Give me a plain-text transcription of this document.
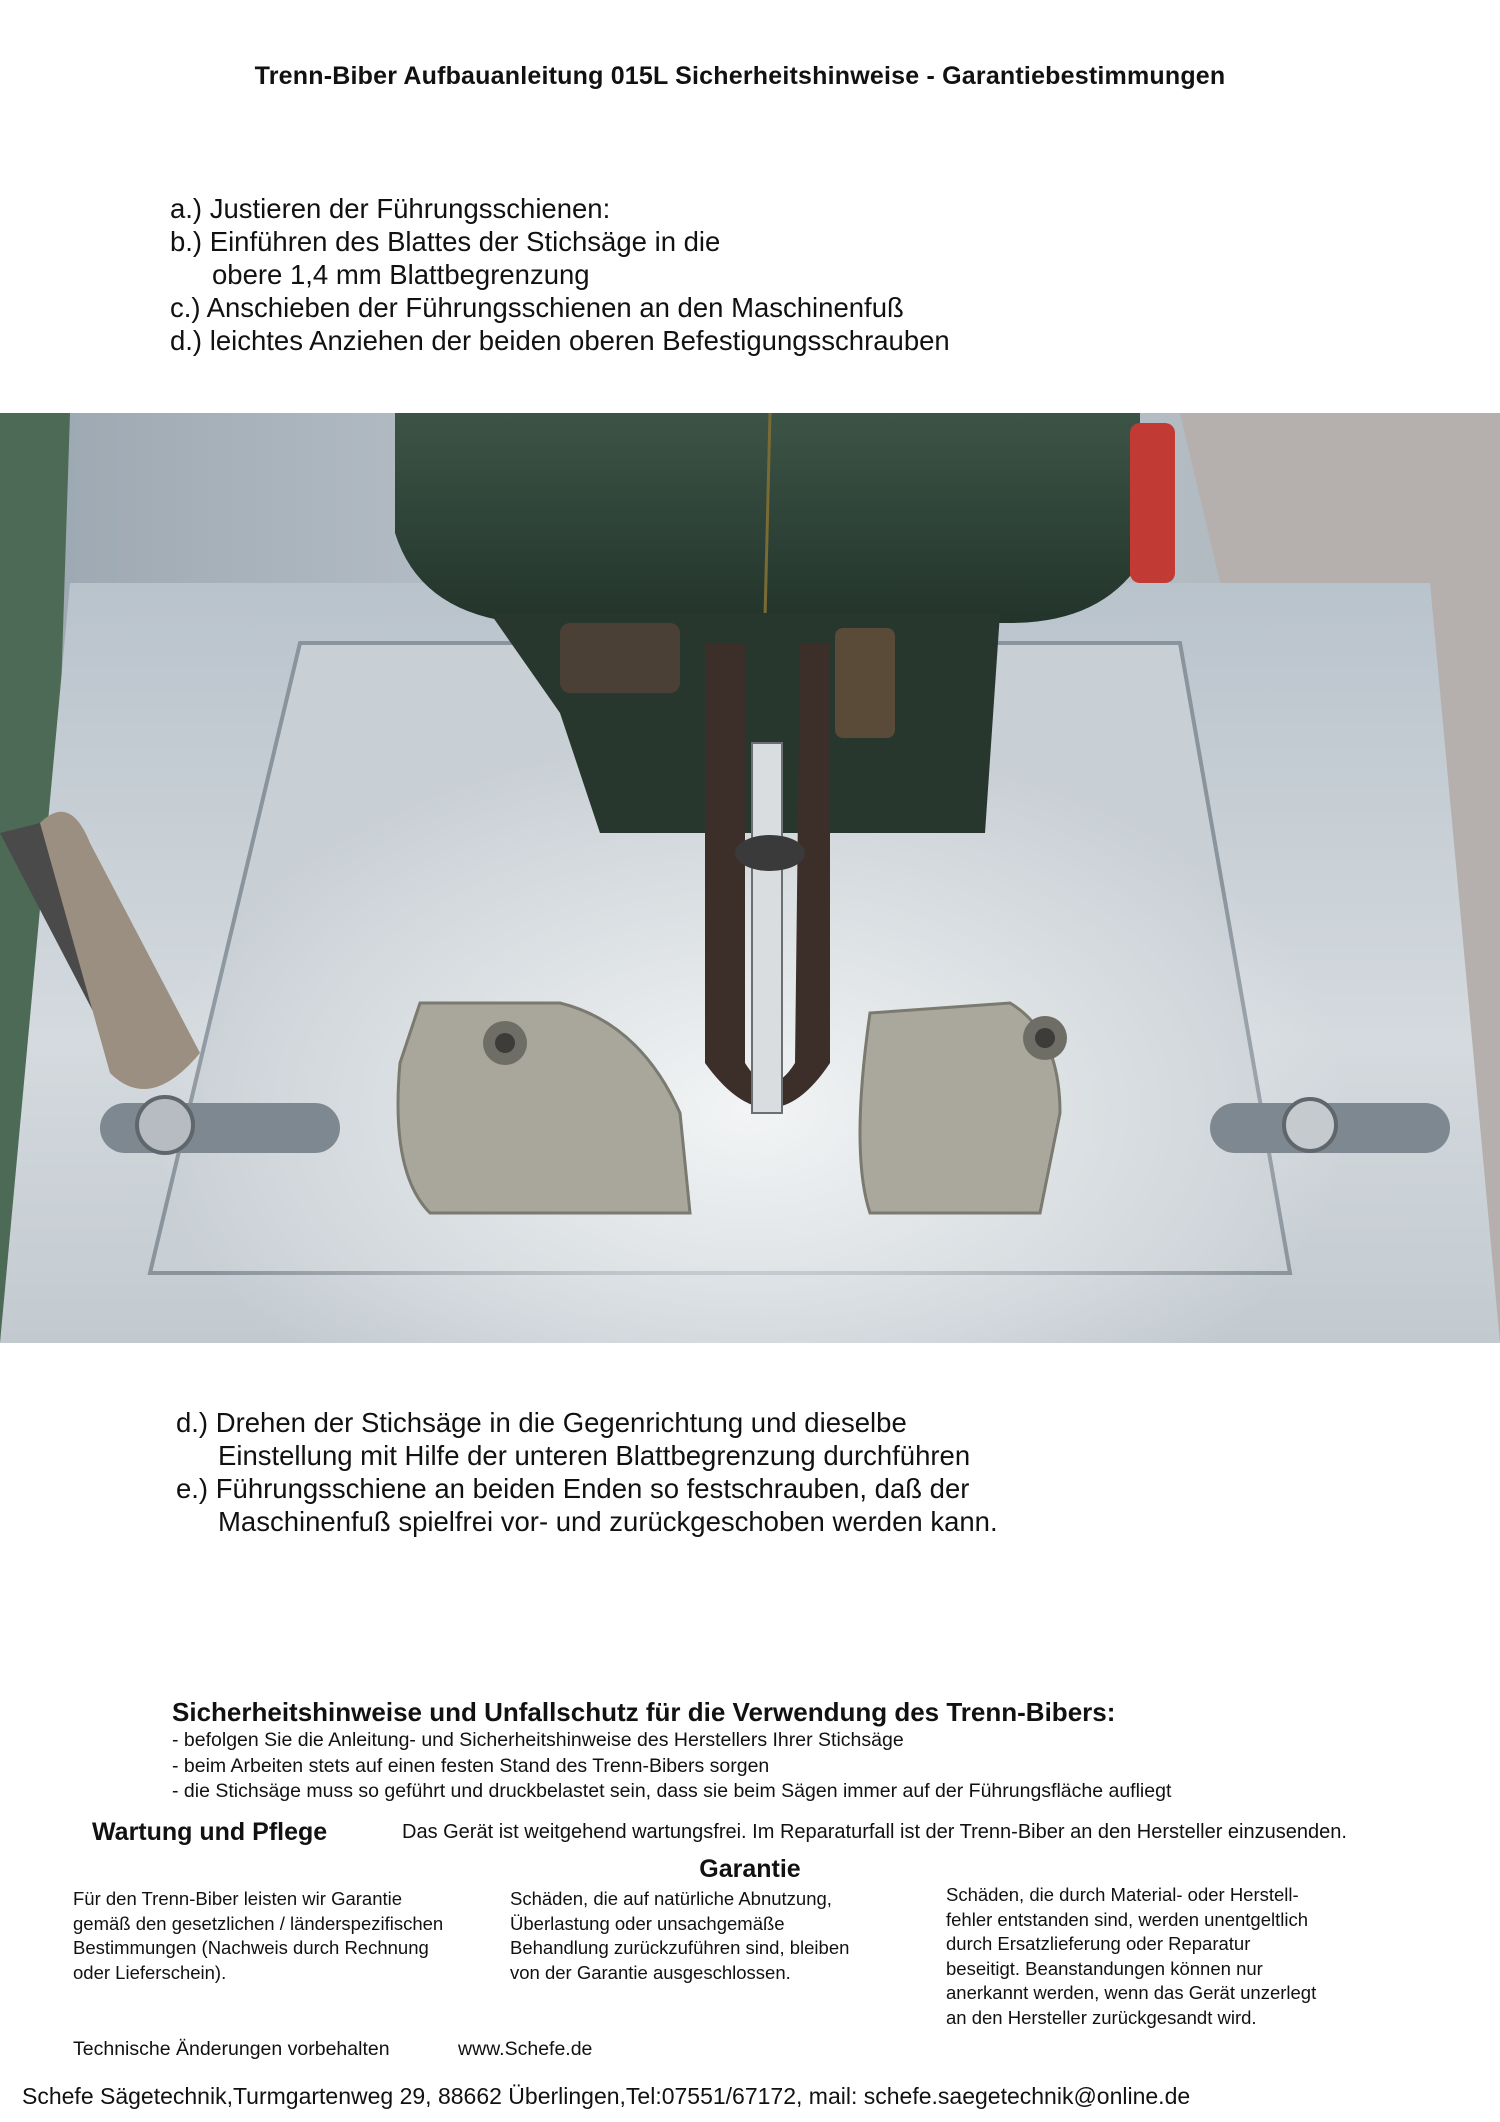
Trenn-Biber Aufbauanleitung 015L Sicherheitshinweise - Garantiebestimmungen
a.) Justieren der Führungsschienen:
b.) Einführen des Blattes der Stichsäge in die
obere 1,4 mm Blattbegrenzung
c.) Anschieben der Führungsschienen an den Maschinenfuß
d.) leichtes Anziehen der beiden oberen Befestigungsschrauben
d.) Drehen der Stichsäge in die Gegenrichtung und dieselbe
Einstellung mit Hilfe der unteren Blattbegrenzung durchführen
e.) Führungsschiene an beiden Enden so festschrauben, daß der
Maschinenfuß spielfrei vor- und zurückgeschoben werden kann.
Sicherheitshinweise und Unfallschutz für die Verwendung des Trenn-Bibers:
- befolgen Sie die Anleitung- und Sicherheitshinweise des Herstellers Ihrer Stichsäge
- beim Arbeiten stets auf einen festen Stand des Trenn-Bibers sorgen
- die Stichsäge muss so geführt und druckbelastet sein, dass sie beim Sägen immer auf der Führungsfläche aufliegt
Wartung und Pflege	Das Gerät ist weitgehend wartungsfrei. Im Reparaturfall ist der Trenn-Biber an den Hersteller einzusenden.
Garantie
Für den Trenn-Biber leisten wir Garantie
gemäß den gesetzlichen / länderspezifischen
Bestimmungen (Nachweis durch Rechnung
oder Lieferschein).
Schäden, die auf natürliche Abnutzung,
Überlastung oder unsachgemäße
Behandlung zurückzuführen sind, bleiben
von der Garantie ausgeschlossen.
Schäden, die durch Material- oder Herstell-
fehler entstanden sind, werden unentgeltlich
durch Ersatzlieferung oder Reparatur
beseitigt. Beanstandungen können nur
anerkannt werden, wenn das Gerät unzerlegt
an den Hersteller zurückgesandt wird.
Technische Änderungen vorbehalten	www.Schefe.de
Schefe Sägetechnik,Turmgartenweg 29, 88662 Überlingen,Tel:07551/67172, mail: schefe.saegetechnik@online.de
